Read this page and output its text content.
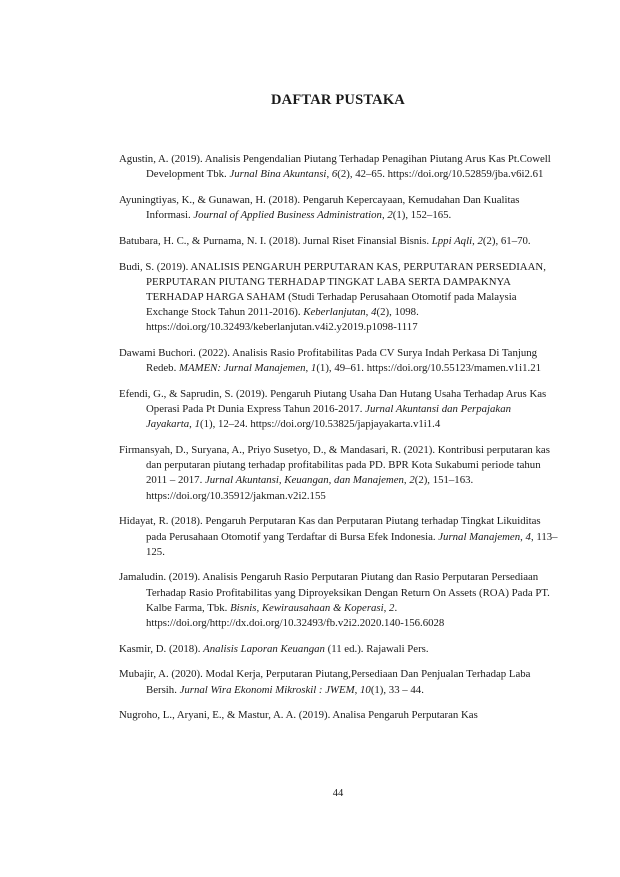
DAFTAR PUSTAKA
Agustin, A. (2019). Analisis Pengendalian Piutang Terhadap Penagihan Piutang Arus Kas Pt.Cowell Development Tbk. Jurnal Bina Akuntansi, 6(2), 42–65. https://doi.org/10.52859/jba.v6i2.61
Ayuningtiyas, K., & Gunawan, H. (2018). Pengaruh Kepercayaan, Kemudahan Dan Kualitas Informasi. Journal of Applied Business Administration, 2(1), 152–165.
Batubara, H. C., & Purnama, N. I. (2018). Jurnal Riset Finansial Bisnis. Lppi Aqli, 2(2), 61–70.
Budi, S. (2019). ANALISIS PENGARUH PERPUTARAN KAS, PERPUTARAN PERSEDIAAN, PERPUTARAN PIUTANG TERHADAP TINGKAT LABA SERTA DAMPAKNYA TERHADAP HARGA SAHAM (Studi Terhadap Perusahaan Otomotif pada Malaysia Exchange Stock Tahun 2011-2016). Keberlanjutan, 4(2), 1098. https://doi.org/10.32493/keberlanjutan.v4i2.y2019.p1098-1117
Dawami Buchori. (2022). Analisis Rasio Profitabilitas Pada CV Surya Indah Perkasa Di Tanjung Redeb. MAMEN: Jurnal Manajemen, 1(1), 49–61. https://doi.org/10.55123/mamen.v1i1.21
Efendi, G., & Saprudin, S. (2019). Pengaruh Piutang Usaha Dan Hutang Usaha Terhadap Arus Kas Operasi Pada Pt Dunia Express Tahun 2016-2017. Jurnal Akuntansi dan Perpajakan Jayakarta, 1(1), 12–24. https://doi.org/10.53825/japjayakarta.v1i1.4
Firmansyah, D., Suryana, A., Priyo Susetyo, D., & Mandasari, R. (2021). Kontribusi perputaran kas dan perputaran piutang terhadap profitabilitas pada PD. BPR Kota Sukabumi periode tahun 2011 – 2017. Jurnal Akuntansi, Keuangan, dan Manajemen, 2(2), 151–163. https://doi.org/10.35912/jakman.v2i2.155
Hidayat, R. (2018). Pengaruh Perputaran Kas dan Perputaran Piutang terhadap Tingkat Likuiditas pada Perusahaan Otomotif yang Terdaftar di Bursa Efek Indonesia. Jurnal Manajemen, 4, 113–125.
Jamaludin. (2019). Analisis Pengaruh Rasio Perputaran Piutang dan Rasio Perputaran Persediaan Terhadap Rasio Profitabilitas yang Diproyeksikan Dengan Return On Assets (ROA) Pada PT. Kalbe Farma, Tbk. Bisnis, Kewirausahaan & Koperasi, 2. https://doi.org/http://dx.doi.org/10.32493/fb.v2i2.2020.140-156.6028
Kasmir, D. (2018). Analisis Laporan Keuangan (11 ed.). Rajawali Pers.
Mubajir, A. (2020). Modal Kerja, Perputaran Piutang,Persediaan Dan Penjualan Terhadap Laba Bersih. Jurnal Wira Ekonomi Mikroskil : JWEM, 10(1), 33 – 44.
Nugroho, L., Aryani, E., & Mastur, A. A. (2019). Analisa Pengaruh Perputaran Kas
44
